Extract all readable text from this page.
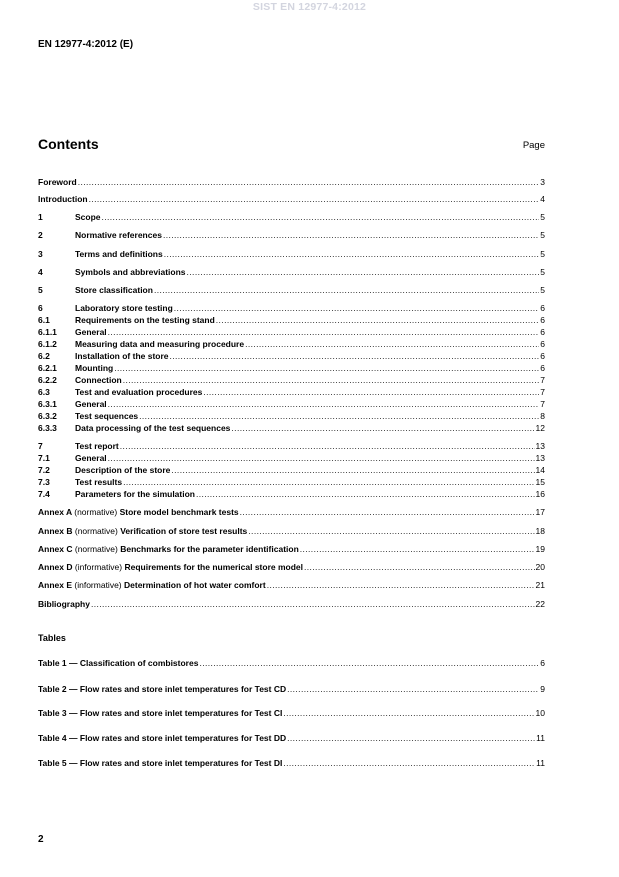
SIST EN 12977-4:2012
EN 12977-4:2012 (E)
Contents	Page
Foreword .....	3
Introduction .....	4
1	Scope .....	5
2	Normative references .....	5
3	Terms and definitions .....	5
4	Symbols and abbreviations .....	5
5	Store classification .....	5
6	Laboratory store testing .....	6
6.1	Requirements on the testing stand .....	6
6.1.1	General .....	6
6.1.2	Measuring data and measuring procedure .....	6
6.2	Installation of the store .....	6
6.2.1	Mounting .....	6
6.2.2	Connection .....	7
6.3	Test and evaluation procedures .....	7
6.3.1	General .....	7
6.3.2	Test sequences .....	8
6.3.3	Data processing of the test sequences .....	12
7	Test report .....	13
7.1	General .....	13
7.2	Description of the store .....	14
7.3	Test results .....	15
7.4	Parameters for the simulation .....	16
Annex A (normative) Store model benchmark tests .....	17
Annex B (normative) Verification of store test results .....	18
Annex C (normative) Benchmarks for the parameter identification .....	19
Annex D (informative) Requirements for the numerical store model .....	20
Annex E (informative) Determination of hot water comfort .....	21
Bibliography .....	22
Tables
Table 1 — Classification of combistores .....	6
Table 2 — Flow rates and store inlet temperatures for Test CD .....	9
Table 3 — Flow rates and store inlet temperatures for Test CI .....	10
Table 4 — Flow rates and store inlet temperatures for Test DD .....	11
Table 5 — Flow rates and store inlet temperatures for Test DI .....	11
2
